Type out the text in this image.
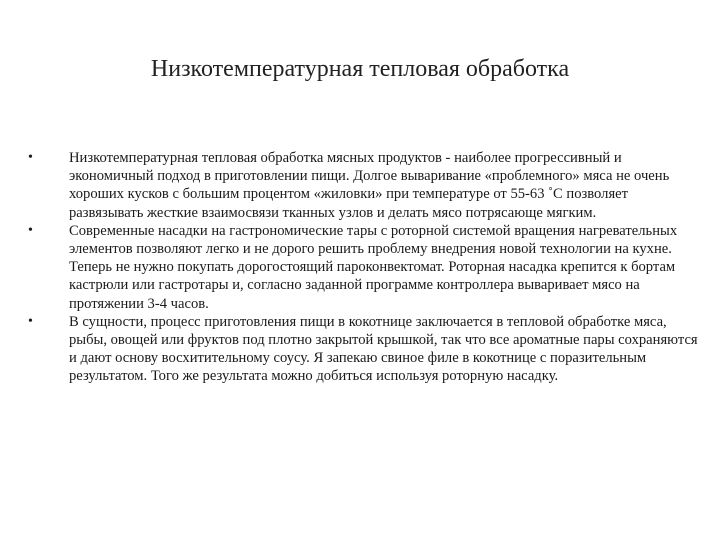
Низкотемпературная тепловая обработка
•	Низкотемпературная тепловая обработка мясных продуктов - наиболее прогрессивный и экономичный подход в приготовлении пищи. Долгое вываривание «проблемного» мяса не очень хороших кусков с большим процентом «жиловки» при температуре от 55-63 ˚С позволяет развязывать жесткие взаимосвязи тканных узлов и делать мясо потрясающе мягким.
•	Современные насадки на гастрономические тары с роторной системой вращения нагревательных элементов позволяют легко и не дорого решить проблему внедрения новой технологии на кухне. Теперь не нужно покупать дорогостоящий пароконвектомат. Роторная насадка крепится к бортам кастрюли или гастротары и, согласно заданной программе контроллера вываривает мясо на протяжении 3-4 часов.
•	В сущности, процесс приготовления пищи в кокотнице заключается в тепловой обработке мяса, рыбы, овощей или фруктов под плотно закрытой крышкой, так что все ароматные пары сохраняются и дают основу восхитительному соусу. Я запекаю свиное филе в кокотнице с поразительным результатом. Того же результата можно добиться используя роторную насадку.
